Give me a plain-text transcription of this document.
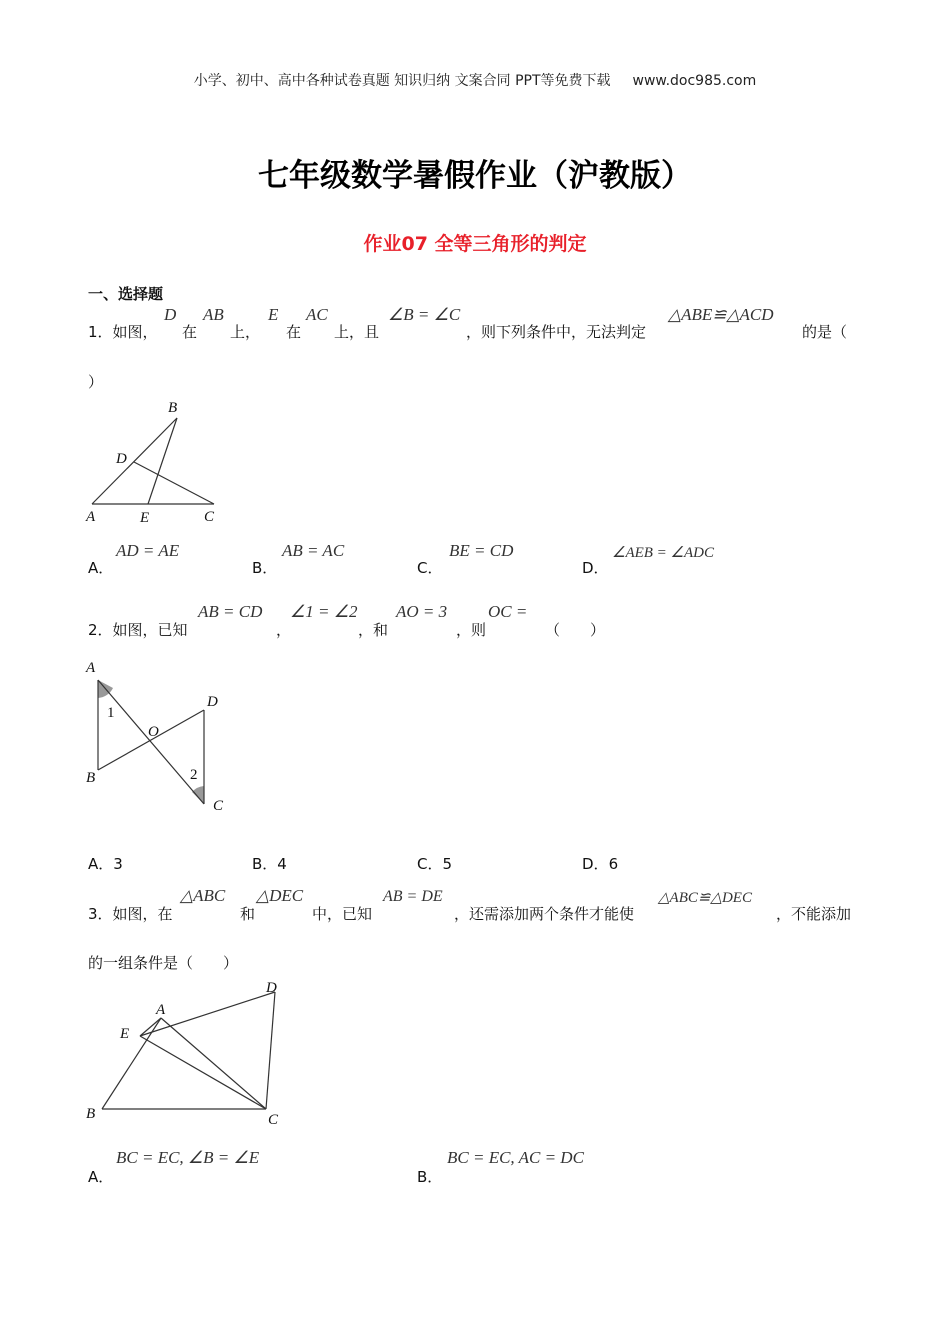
小学、初中、高中各种试卷真题 知识归纳 文案合同 PPT等免费下载 www.doc985.com
七年级数学暑假作业（沪教版）
作业07 全等三角形的判定
一、选择题
1．如图，
D
在
AB
上，
E
在
AC
上，且
∠B = ∠C
，则下列条件中，无法判定
△ABE≌△ACD
的是（
）
B
D
A	E	C
A．
AD = AE
B．
AB = AC
C．
BE = CD
D．
∠AEB = ∠ADC
2．如图，已知
AB = CD
，
∠1 = ∠2
，和
AO = 3
，则
OC =
（　　）
A
1
O
D
B	2
C
A．3	B．4	C．5	D．6
3．如图，在
△ABC
和
△DEC
中，已知
AB = DE
，还需添加两个条件才能使
△ABC≌△DEC
，不能添加
的一组条件是（　　）
A
D
E
B	C
A．
BC = EC, ∠B = ∠E
B．
BC = EC, AC = DC
